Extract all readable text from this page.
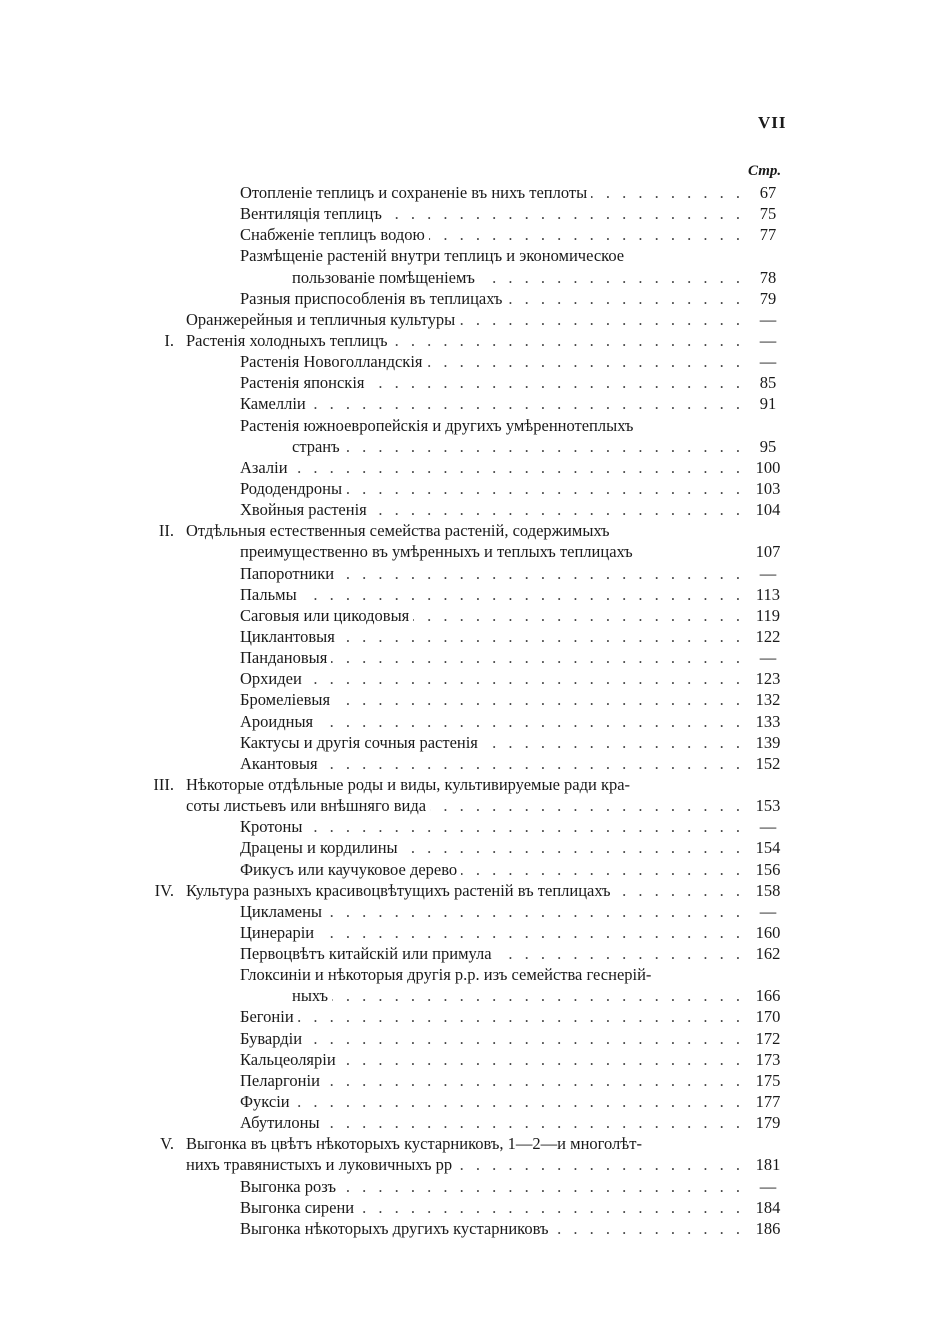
VII
Стр.
Отопленіе теплицъ и сохраненіе въ нихъ теплоты . . .	67
Вентиляція теплицъ . . .	75
Снабженіе теплицъ водою . . .	77
Размѣщеніе растеній внутри теплицъ и экономическое
пользованіе помѣщеніемъ . . .	78
Разныя приспособленія въ теплицахъ . . .	79
Оранжерейныя и тепличныя культуры . . .	—
I. Растенія холодныхъ теплицъ . . .	—
Растенія Новоголландскія . . .	—
Растенія японскія . . .	85
Камелліи . . .	91
Растенія южноевропейскія и другихъ умѣреннотеплыхъ
странъ . . .	95
Азаліи . . .	100
Рододендроны . . .	103
Хвойныя растенія . . .	104
II. Отдѣльныя естественныя семейства растеній, содержимыхъ
преимущественно въ умѣренныхъ и теплыхъ теплицахъ	107
Папоротники . . .	—
Пальмы . . .	113
Саговыя или цикодовыя . . .	119
Циклантовыя . . .	122
Пандановыя . . .	—
Орхидеи . . .	123
Бромеліевыя . . .	132
Ароидныя . . .	133
Кактусы и другія сочныя растенія . . .	139
Акантовыя . . .	152
III. Нѣкоторые отдѣльные роды и виды, культивируемые ради кра-
соты листьевъ или внѣшняго вида . . .	153
Кротоны . . .	—
Драцены и кордилины . . .	154
Фикусъ или каучуковое дерево . . .	156
IV. Культура разныхъ красивоцвѣтущихъ растеній въ теплицахъ . . .	158
Цикламены . . .	—
Цинераріи . . .	160
Первоцвѣтъ китайскій или примула . . .	162
Глоксиніи и нѣкоторыя другія р.р. изъ семейства геснерій-
ныхъ . . .	166
Бегоніи . . .	170
Бувардіи . . .	172
Кальцеоляріи . . .	173
Пеларгоніи . . .	175
Фуксіи . . .	177
Абутилоны . . .	179
V. Выгонка въ цвѣтъ нѣкоторыхъ кустарниковъ, 1—2—и многолѣт-
нихъ травянистыхъ и луковичныхъ рр . . .	181
Выгонка розъ . . .	—
Выгонка сирени . . .	184
Выгонка нѣкоторыхъ другихъ кустарниковъ . . .	186
